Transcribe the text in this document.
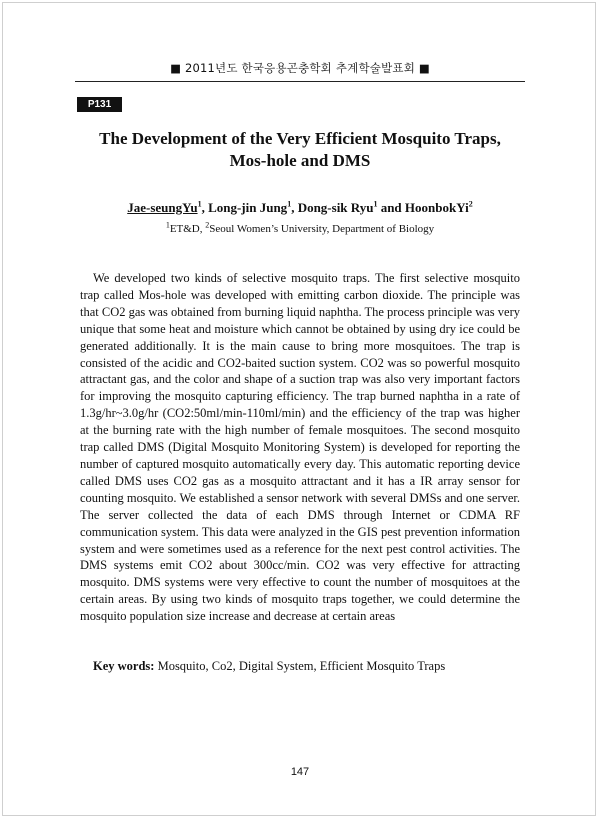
■ 2011년도 한국응용곤충학회 추계학술발표회 ■
P131
The Development of the Very Efficient Mosquito Traps,
Mos-hole and DMS
Jae-seungYu$^1$, Long-jin Jung$^1$, Dong-sik Ryu$^1$ and HoonbokYi$^2$
$^1$ET&D, $^2$Seoul Women’s University, Department of Biology

We developed two kinds of selective mosquito traps. The first selective mosquito trap called Mos-hole was developed with emitting carbon dioxide. The principle was that CO2 gas was obtained from burning liquid naphtha. The process principle was very unique that some heat and moisture which cannot be obtained by using dry ice could be generated additionally. It is the main cause to bring more mosquitoes. The trap is consisted of the acidic and CO2-baited suction system. CO2 was so powerful mosquito attractant gas, and the color and shape of a suction trap was also very important factors for improving the mosquito capturing efficiency. The trap burned naphtha in a rate of 1.3g/hr~3.0g/hr (CO2:50ml/min-110ml/min) and the efficiency of the trap was higher at the burning rate with the high number of female mosquitoes. The second mosquito trap called DMS (Digital Mosquito Monitoring System) is developed for reporting the number of captured mosquito automatically every day. This automatic reporting device called DMS uses CO2 gas as a mosquito attractant and it has a IR array sensor for counting mosquito. We established a sensor network with several DMSs and one server. The server collected the data of each DMS through Internet or CDMA RF communication system. This data were analyzed in the GIS pest prevention information system and were sometimes used as a reference for the next pest control activities. The DMS systems emit CO2 about 300cc/min. CO2 was very effective for attracting mosquito. DMS systems were very effective to count the number of mosquitoes at the certain areas. By using two kinds of mosquito traps together, we could determine the mosquito population size increase and decrease at certain areas

Key words: Mosquito, Co2, Digital System, Efficient Mosquito Traps
147
